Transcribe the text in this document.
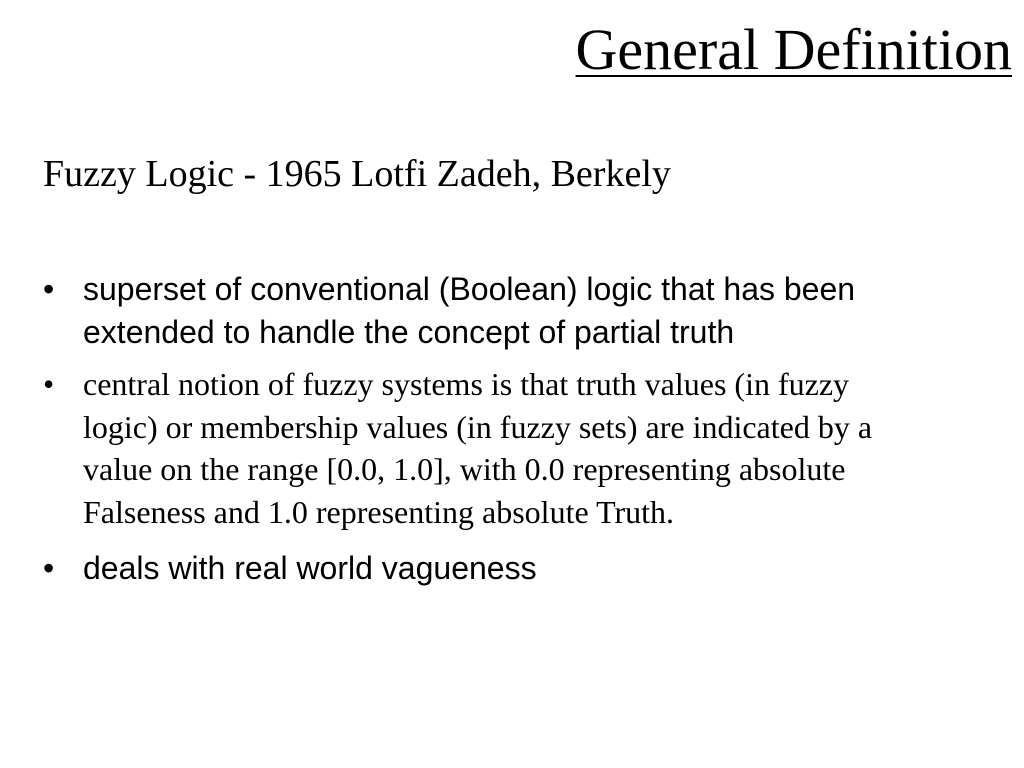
General Definition
Fuzzy Logic - 1965 Lotfi Zadeh, Berkely
• superset of conventional (Boolean) logic that has been extended to handle the concept of partial truth
• central notion of fuzzy systems is that truth values (in fuzzy logic) or membership values (in fuzzy sets) are indicated by a value on the range [0.0, 1.0], with 0.0 representing absolute Falseness and 1.0 representing absolute Truth.
• deals with real world vagueness
